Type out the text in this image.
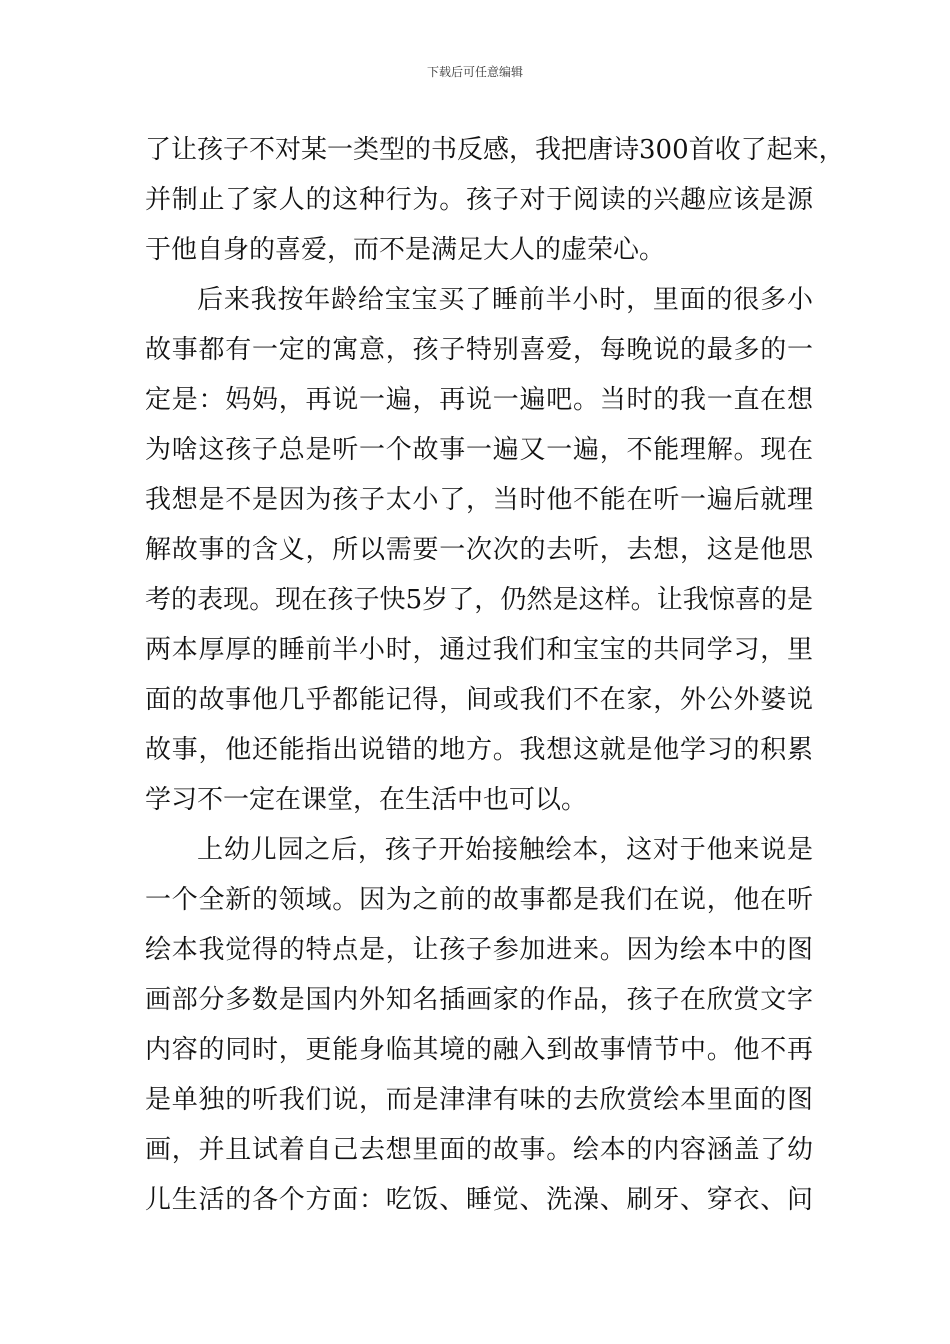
下载后可任意编辑
了让孩子不对某一类型的书反感，我把唐诗300首收了起来，
并制止了家人的这种行为。孩子对于阅读的兴趣应该是源
于他自身的喜爱，而不是满足大人的虚荣心。
后来我按年龄给宝宝买了睡前半小时，里面的很多小
故事都有一定的寓意，孩子特别喜爱，每晚说的最多的一
定是：妈妈，再说一遍，再说一遍吧。当时的我一直在想
为啥这孩子总是听一个故事一遍又一遍，不能理解。现在
我想是不是因为孩子太小了，当时他不能在听一遍后就理
解故事的含义，所以需要一次次的去听，去想，这是他思
考的表现。现在孩子快5岁了，仍然是这样。让我惊喜的是
两本厚厚的睡前半小时，通过我们和宝宝的共同学习，里
面的故事他几乎都能记得，间或我们不在家，外公外婆说
故事，他还能指出说错的地方。我想这就是他学习的积累
学习不一定在课堂，在生活中也可以。
上幼儿园之后，孩子开始接触绘本，这对于他来说是
一个全新的领域。因为之前的故事都是我们在说，他在听
绘本我觉得的特点是，让孩子参加进来。因为绘本中的图
画部分多数是国内外知名插画家的作品，孩子在欣赏文字
内容的同时，更能身临其境的融入到故事情节中。他不再
是单独的听我们说，而是津津有味的去欣赏绘本里面的图
画，并且试着自己去想里面的故事。绘本的内容涵盖了幼
儿生活的各个方面：吃饭、睡觉、洗澡、刷牙、穿衣、问
